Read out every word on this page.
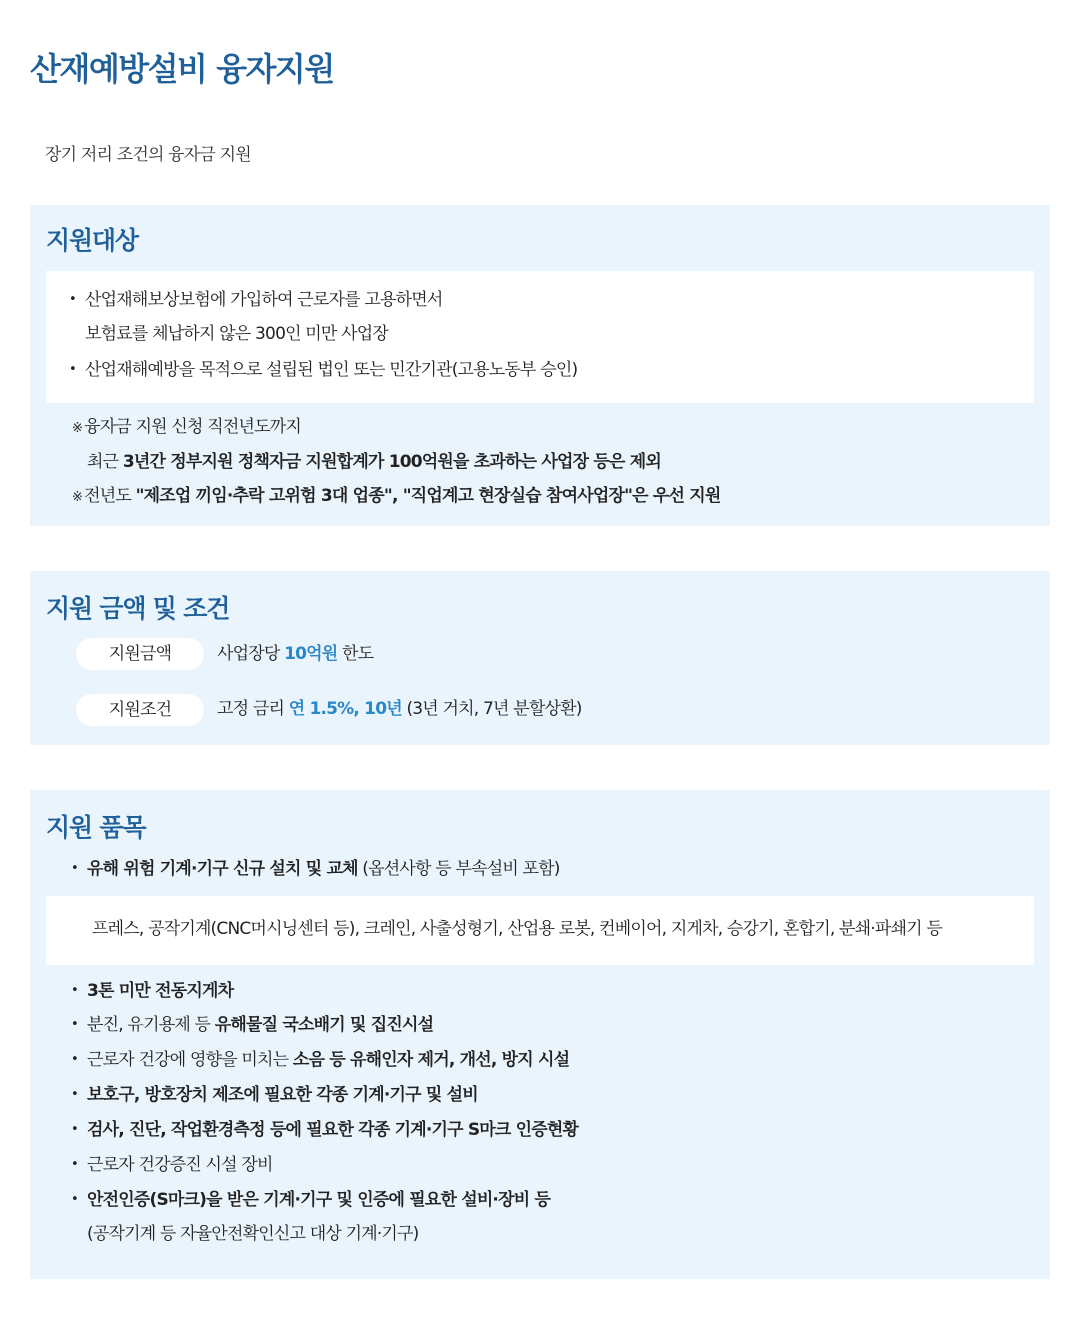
산재예방설비 융자지원

장기 저리 조건의 융자금 지원

지원대상
• 산업재해보상보험에 가입하여 근로자를 고용하면서
보험료를 체납하지 않은 300인 미만 사업장
• 산업재해예방을 목적으로 설립된 법인 또는 민간기관(고용노동부 승인)
※ 융자금 지원 신청 직전년도까지
최근 3년간 정부지원 정책자금 지원합계가 100억원을 초과하는 사업장 등은 제외
※ 전년도 "제조업 끼임·추락 고위험 3대 업종", "직업계고 현장실습 참여사업장"은 우선 지원
지원 금액 및 조건
지원금액	사업장당 10억원 한도
지원조건	고정 금리 연 1.5%, 10년 (3년 거치, 7년 분할상환)
지원 품목
• 유해 위험 기계·기구 신규 설치 및 교체 (옵션사항 등 부속설비 포함)
프레스, 공작기계(CNC머시닝센터 등), 크레인, 사출성형기, 산업용 로봇, 컨베이어, 지게차, 승강기, 혼합기, 분쇄·파쇄기 등
• 3톤 미만 전동지게차
• 분진, 유기용제 등 유해물질 국소배기 및 집진시설
• 근로자 건강에 영향을 미치는 소음 등 유해인자 제거, 개선, 방지 시설
• 보호구, 방호장치 제조에 필요한 각종 기계·기구 및 설비
• 검사, 진단, 작업환경측정 등에 필요한 각종 기계·기구 S마크 인증현황
• 근로자 건강증진 시설 장비
• 안전인증(S마크)을 받은 기계·기구 및 인증에 필요한 설비·장비 등
(공작기계 등 자율안전확인신고 대상 기계·기구)
